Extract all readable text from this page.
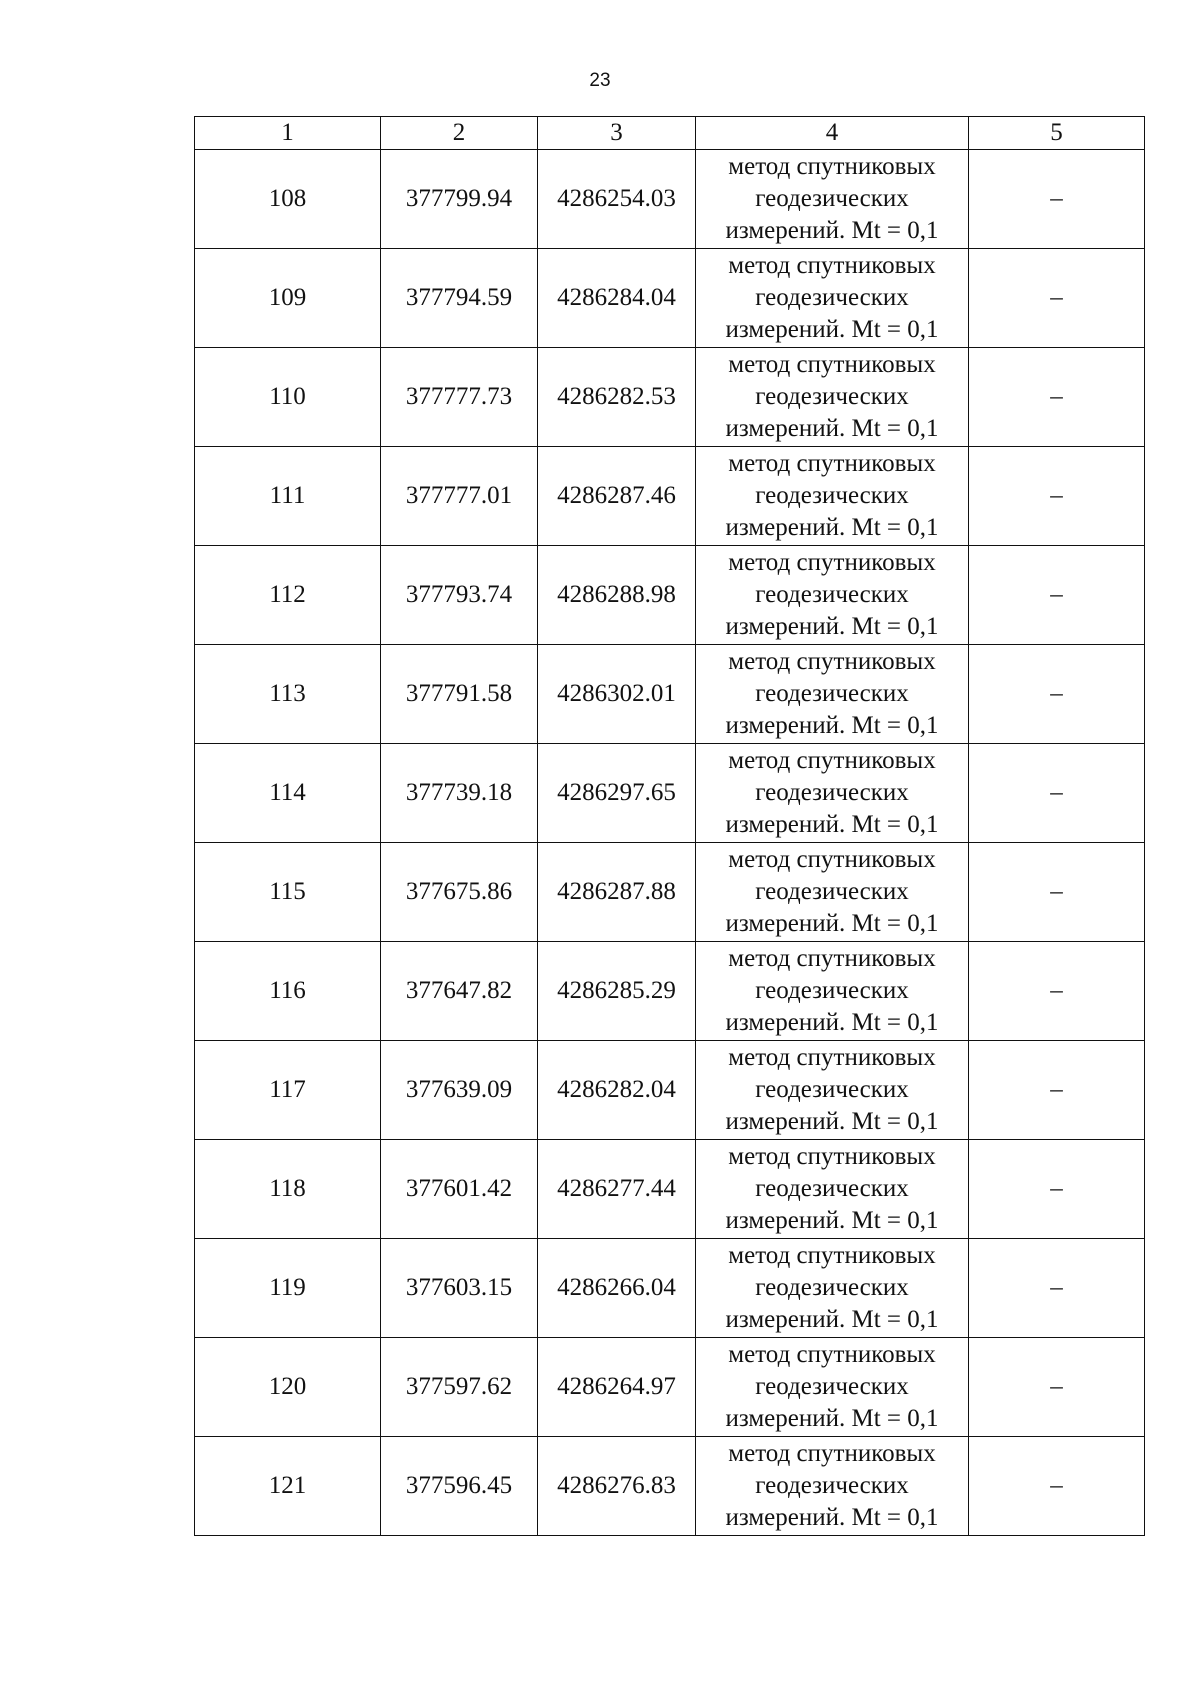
23
1	2	3	4	5
108	377799.94	4286254.03	метод спутниковых
геодезических
измерений. Mt = 0,1	–
109	377794.59	4286284.04	метод спутниковых
геодезических
измерений. Mt = 0,1	–
110	377777.73	4286282.53	метод спутниковых
геодезических
измерений. Mt = 0,1	–
111	377777.01	4286287.46	метод спутниковых
геодезических
измерений. Mt = 0,1	–
112	377793.74	4286288.98	метод спутниковых
геодезических
измерений. Mt = 0,1	–
113	377791.58	4286302.01	метод спутниковых
геодезических
измерений. Mt = 0,1	–
114	377739.18	4286297.65	метод спутниковых
геодезических
измерений. Mt = 0,1	–
115	377675.86	4286287.88	метод спутниковых
геодезических
измерений. Mt = 0,1	–
116	377647.82	4286285.29	метод спутниковых
геодезических
измерений. Mt = 0,1	–
117	377639.09	4286282.04	метод спутниковых
геодезических
измерений. Mt = 0,1	–
118	377601.42	4286277.44	метод спутниковых
геодезических
измерений. Mt = 0,1	–
119	377603.15	4286266.04	метод спутниковых
геодезических
измерений. Mt = 0,1	–
120	377597.62	4286264.97	метод спутниковых
геодезических
измерений. Mt = 0,1	–
121	377596.45	4286276.83	метод спутниковых
геодезических
измерений. Mt = 0,1	–
